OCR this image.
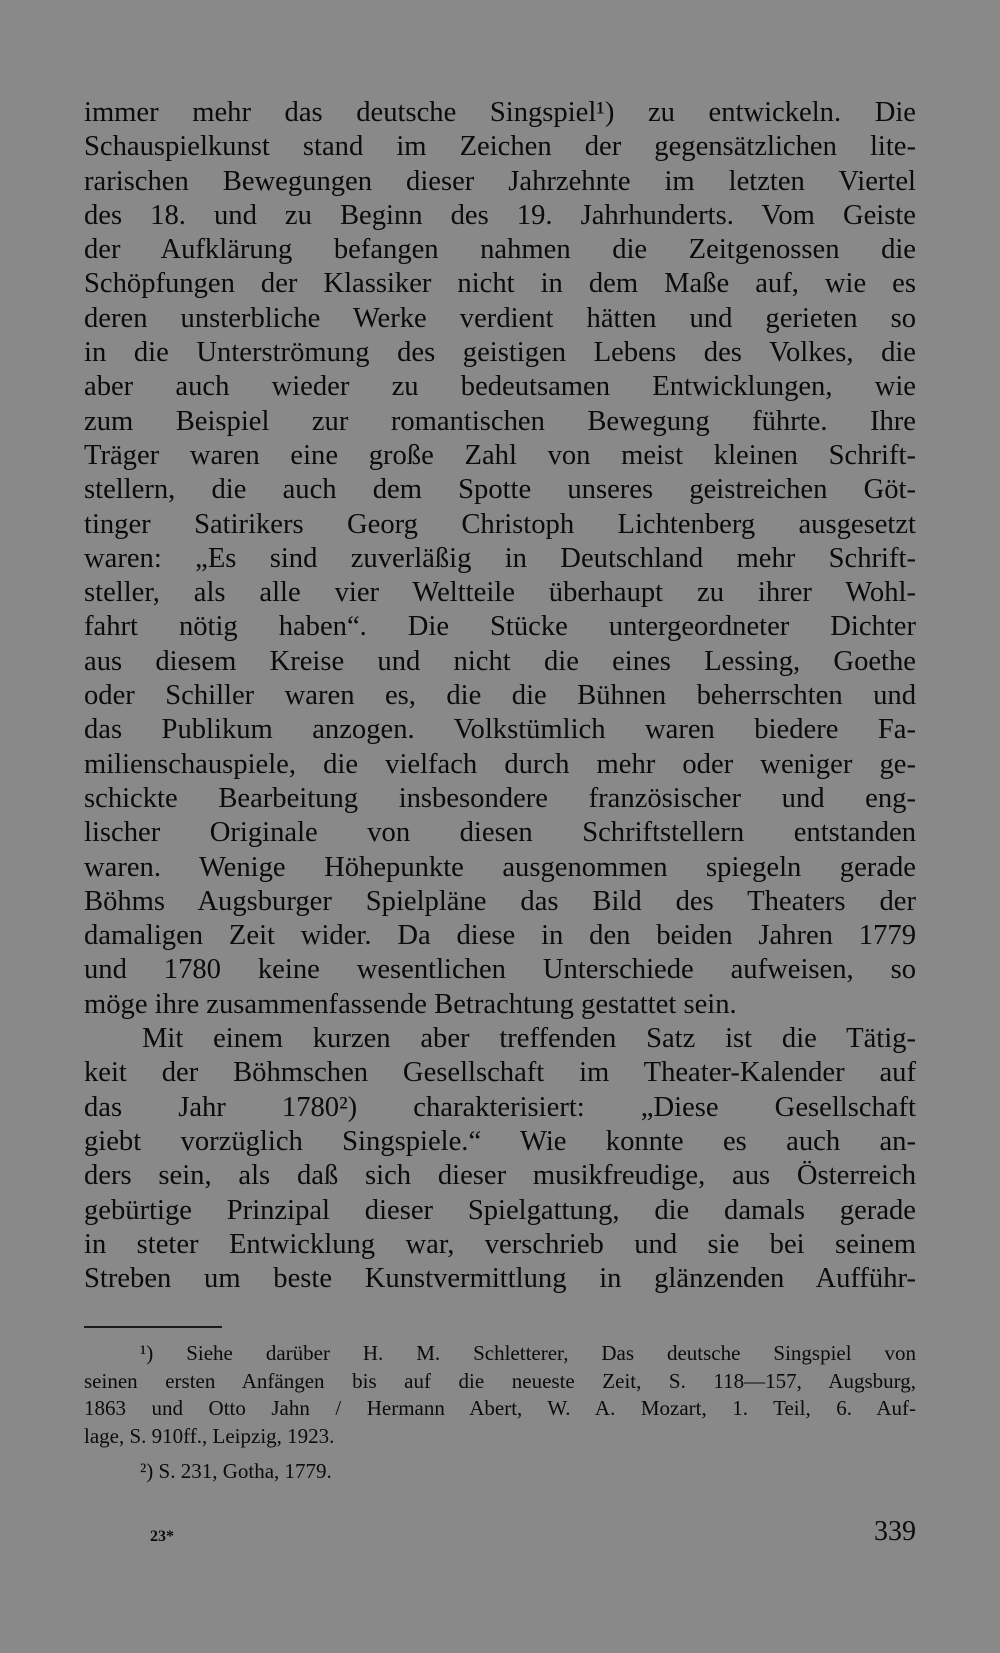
immer mehr das deutsche Singspiel¹) zu entwickeln. Die
Schauspielkunst stand im Zeichen der gegensätzlichen lite-
rarischen Bewegungen dieser Jahrzehnte im letzten Viertel
des 18. und zu Beginn des 19. Jahrhunderts. Vom Geiste
der Aufklärung befangen nahmen die Zeitgenossen die
Schöpfungen der Klassiker nicht in dem Maße auf, wie es
deren unsterbliche Werke verdient hätten und gerieten so
in die Unterströmung des geistigen Lebens des Volkes, die
aber auch wieder zu bedeutsamen Entwicklungen, wie
zum Beispiel zur romantischen Bewegung führte. Ihre
Träger waren eine große Zahl von meist kleinen Schrift-
stellern, die auch dem Spotte unseres geistreichen Göt-
tinger Satirikers Georg Christoph Lichtenberg ausgesetzt
waren: „Es sind zuverläßig in Deutschland mehr Schrift-
steller, als alle vier Weltteile überhaupt zu ihrer Wohl-
fahrt nötig haben“. Die Stücke untergeordneter Dichter
aus diesem Kreise und nicht die eines Lessing, Goethe
oder Schiller waren es, die die Bühnen beherrschten und
das Publikum anzogen. Volkstümlich waren biedere Fa-
milienschauspiele, die vielfach durch mehr oder weniger ge-
schickte Bearbeitung insbesondere französischer und eng-
lischer Originale von diesen Schriftstellern entstanden
waren. Wenige Höhepunkte ausgenommen spiegeln gerade
Böhms Augsburger Spielpläne das Bild des Theaters der
damaligen Zeit wider. Da diese in den beiden Jahren 1779
und 1780 keine wesentlichen Unterschiede aufweisen, so
möge ihre zusammenfassende Betrachtung gestattet sein.
Mit einem kurzen aber treffenden Satz ist die Tätig-
keit der Böhmschen Gesellschaft im Theater-Kalender auf
das Jahr 1780²) charakterisiert: „Diese Gesellschaft
giebt vorzüglich Singspiele.“ Wie konnte es auch an-
ders sein, als daß sich dieser musikfreudige, aus Österreich
gebürtige Prinzipal dieser Spielgattung, die damals gerade
in steter Entwicklung war, verschrieb und sie bei seinem
Streben um beste Kunstvermittlung in glänzenden Aufführ-
¹) Siehe darüber H. M. Schletterer, Das deutsche Singspiel von
seinen ersten Anfängen bis auf die neueste Zeit, S. 118—157, Augsburg,
1863 und Otto Jahn / Hermann Abert, W. A. Mozart, 1. Teil, 6. Auf-
lage, S. 910ff., Leipzig, 1923.
²) S. 231, Gotha, 1779.
23*	339
